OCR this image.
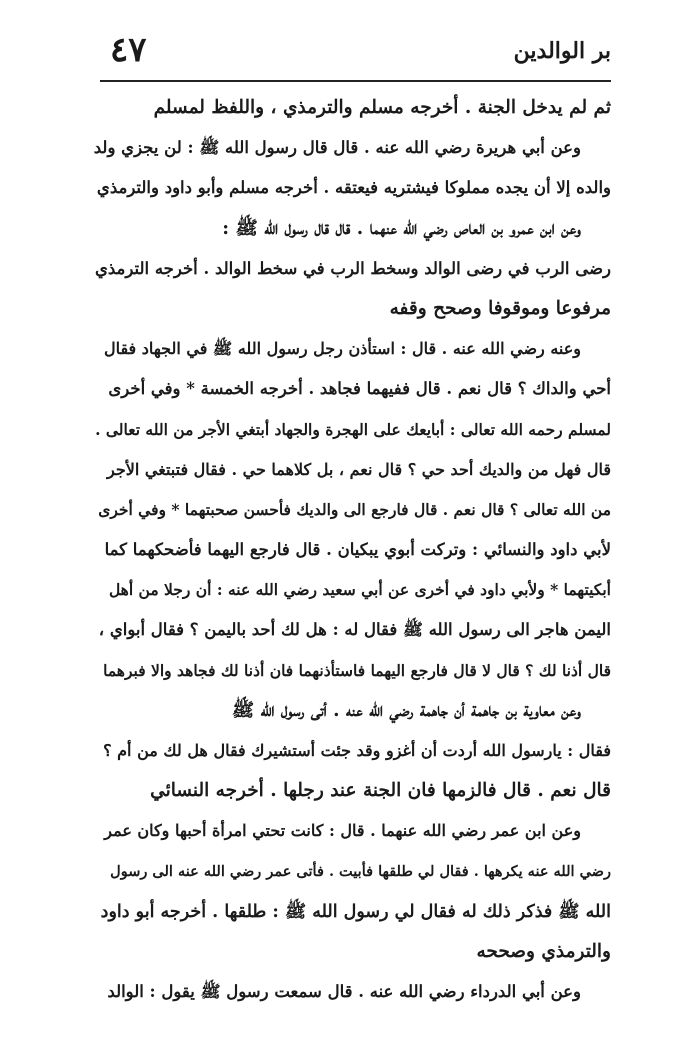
بر الوالدين
٤٧
ثم لم يدخل الجنة . أخرجه مسلم والترمذي ، واللفظ لمسلم
وعن أبي هريرة رضي الله عنه . قال قال رسول الله ﷺ : لن يجزي ولد
والده إلا أن يجده مملوكا فيشتريه فيعتقه . أخرجه مسلم وأبو داود والترمذي
وعن ابن عمرو بن العاص رضي الله عنهما . قال قال رسول الله ﷺ :
رضى الرب في رضى الوالد وسخط الرب في سخط الوالد . أخرجه الترمذي
مرفوعا وموقوفا وصحح وقفه
وعنه رضي الله عنه . قال : استأذن رجل رسول الله ﷺ في الجهاد فقال
أحي والداك ؟ قال نعم . قال ففيهما فجاهد . أخرجه الخمسة * وفي أخرى
لمسلم رحمه الله تعالى : أبايعك على الهجرة والجهاد أبتغي الأجر من الله تعالى .
قال فهل من والديك أحد حي ؟ قال نعم ، بل كلاهما حي . فقال فتبتغي الأجر
من الله تعالى ؟ قال نعم . قال فارجع الى والديك فأحسن صحبتهما * وفي أخرى
لأبي داود والنسائي : وتركت أبوي يبكيان . قال فارجع اليهما فأضحكهما كما
أبكيتهما * ولأبي داود في أخرى عن أبي سعيد رضي الله عنه : أن رجلا من أهل
اليمن هاجر الى رسول الله ﷺ فقال له : هل لك أحد باليمن ؟ فقال أبواي ،
قال أذنا لك ؟ قال لا قال فارجع اليهما فاستأذنهما فان أذنا لك فجاهد والا فبرهما
وعن معاوية بن جاهمة أن جاهمة رضي الله عنه . أتى رسول الله ﷺ
فقال : يارسول الله أردت أن أغزو وقد جئت أستشيرك فقال هل لك من أم ؟
قال نعم . قال فالزمها فان الجنة عند رجلها . أخرجه النسائي
وعن ابن عمر رضي الله عنهما . قال : كانت تحتي امرأة أحبها وكان عمر
رضي الله عنه يكرهها . فقال لي طلقها فأبيت . فأتى عمر رضي الله عنه الى رسول
الله ﷺ فذكر ذلك له فقال لي رسول الله ﷺ : طلقها . أخرجه أبو داود
والترمذي وصححه
وعن أبي الدرداء رضي الله عنه . قال سمعت رسول ﷺ يقول : الوالد
